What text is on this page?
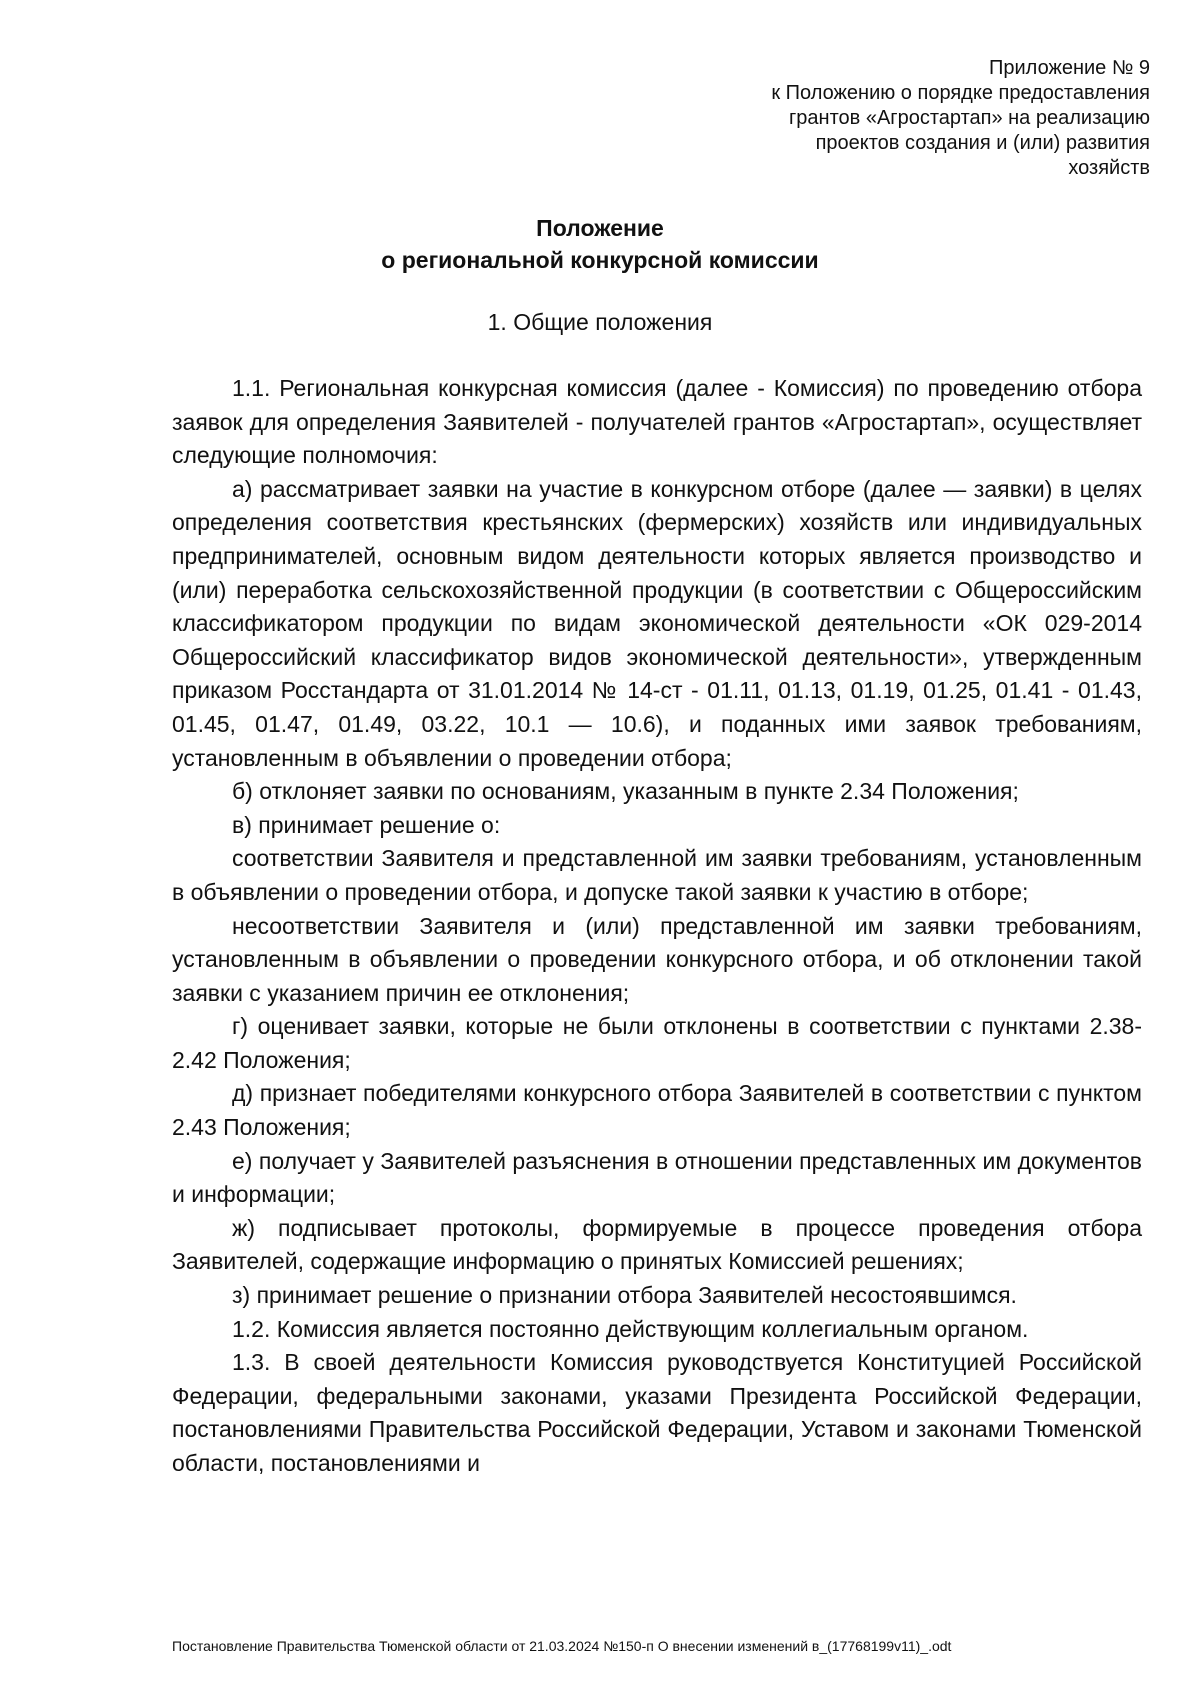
Приложение № 9
к Положению о порядке предоставления
грантов «Агростартап» на реализацию
проектов создания и (или) развития
хозяйств
Положение
о региональной конкурсной комиссии
1. Общие положения

1.1. Региональная конкурсная комиссия (далее - Комиссия) по проведению отбора заявок для определения Заявителей - получателей грантов «Агростартап», осуществляет следующие полномочия:

а) рассматривает заявки на участие в конкурсном отборе (далее — заявки) в целях определения соответствия крестьянских (фермерских) хозяйств или индивидуальных предпринимателей, основным видом деятельности которых является производство и (или) переработка сельскохозяйственной продукции (в соответствии с Общероссийским классификатором продукции по видам экономической деятельности «ОК 029-2014 Общероссийский классификатор видов экономической деятельности», утвержденным приказом Росстандарта от 31.01.2014 № 14-ст - 01.11, 01.13, 01.19, 01.25, 01.41 - 01.43, 01.45, 01.47, 01.49, 03.22, 10.1 — 10.6), и поданных ими заявок требованиям, установленным в объявлении о проведении отбора;

б) отклоняет заявки по основаниям, указанным в пункте 2.34 Положения;

в) принимает решение о:

соответствии Заявителя и представленной им заявки требованиям, установленным в объявлении о проведении отбора, и допуске такой заявки к участию в отборе;

несоответствии Заявителя и (или) представленной им заявки требованиям, установленным в объявлении о проведении конкурсного отбора, и об отклонении такой заявки с указанием причин ее отклонения;

г) оценивает заявки, которые не были отклонены в соответствии с пунктами 2.38- 2.42 Положения;

д) признает победителями конкурсного отбора Заявителей в соответствии с пунктом 2.43 Положения;

е) получает у Заявителей разъяснения в отношении представленных им документов и информации;

ж) подписывает протоколы, формируемые в процессе проведения отбора Заявителей, содержащие информацию о принятых Комиссией решениях;

з) принимает решение о признании отбора Заявителей несостоявшимся.

1.2. Комиссия является постоянно действующим коллегиальным органом.

1.3. В своей деятельности Комиссия руководствуется Конституцией Российской Федерации, федеральными законами, указами Президента Российской Федерации, постановлениями Правительства Российской Федерации, Уставом и законами Тюменской области, постановлениями и

Постановление Правительства Тюменской области от 21.03.2024 №150-п О внесении изменений в_(17768199v11)_.odt
